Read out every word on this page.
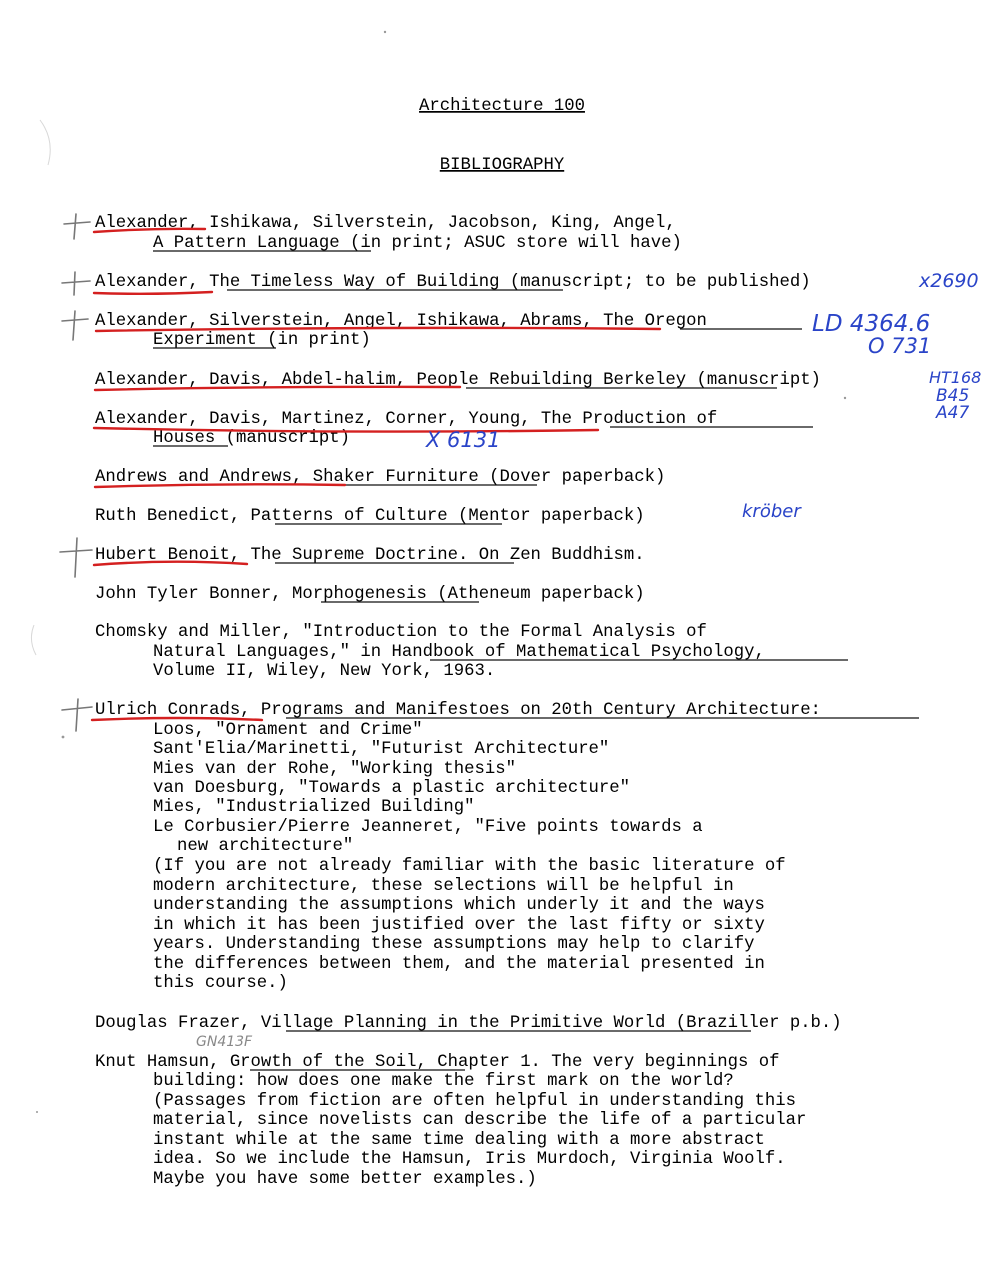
Architecture 100
BIBLIOGRAPHY
Alexander, Ishikawa, Silverstein, Jacobson, King, Angel,
A Pattern Language (in print; ASUC store will have)
Alexander, The Timeless Way of Building (manuscript; to be published)
Alexander, Silverstein, Angel, Ishikawa, Abrams, The Oregon
Experiment (in print)
Alexander, Davis, Abdel-halim, People Rebuilding Berkeley (manuscript)
Alexander, Davis, Martinez, Corner, Young, The Production of
Houses (manuscript)
Andrews and Andrews, Shaker Furniture (Dover paperback)
Ruth Benedict, Patterns of Culture (Mentor paperback)
Hubert Benoit, The Supreme Doctrine. On Zen Buddhism.
John Tyler Bonner, Morphogenesis (Atheneum paperback)
Chomsky and Miller, "Introduction to the Formal Analysis of
Natural Languages," in Handbook of Mathematical Psychology,
Volume II, Wiley, New York, 1963.
Ulrich Conrads, Programs and Manifestoes on 20th Century Architecture:
Loos, "Ornament and Crime"
Sant'Elia/Marinetti, "Futurist Architecture"
Mies van der Rohe, "Working thesis"
van Doesburg, "Towards a plastic architecture"
Mies, "Industrialized Building"
Le Corbusier/Pierre Jeanneret, "Five points towards a
new architecture"
(If you are not already familiar with the basic literature of
modern architecture, these selections will be helpful in
understanding the assumptions which underly it and the ways
in which it has been justified over the last fifty or sixty
years. Understanding these assumptions may help to clarify
the differences between them, and the material presented in
this course.)
Douglas Frazer, Village Planning in the Primitive World (Braziller p.b.)
Knut Hamsun, Growth of the Soil, Chapter 1. The very beginnings of
building: how does one make the first mark on the world?
(Passages from fiction are often helpful in understanding this
material, since novelists can describe the life of a particular
instant while at the same time dealing with a more abstract
idea. So we include the Hamsun, Iris Murdoch, Virginia Woolf.
Maybe you have some better examples.)
x2690
LD 4364.6
O 731
HT168
B45
A47
X 6131
kröber
GN413F
